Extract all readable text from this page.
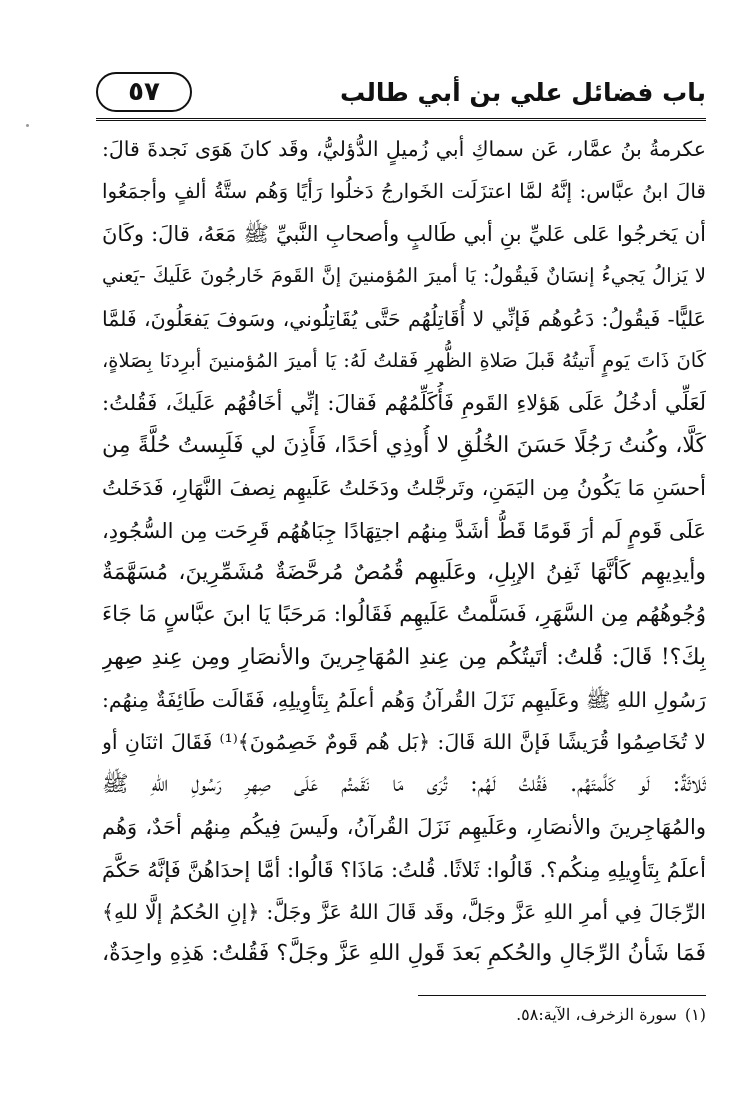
٥٧	باب فضائل علي بن أبي طالب
عكرمةُ بنُ عمَّار، عَن سماكِ أبي زُميلٍ الدُّؤليُّ، وقَد كانَ هَوَى نَجدةَ قالَ:
قالَ ابنُ عبَّاس: إنَّهُ لمَّا اعتزَلَت الخَوارجُ دَخلُوا رَأيًا وَهُم ستَّةُ ألفٍ وأجمَعُوا
أن يَخرجُوا عَلى عَليِّ بنِ أبي طَالبٍ وأصحابِ النَّبيِّ ﷺ مَعَهُ، قالَ: وكَانَ
لا يَزالُ يَجيءُ إنسَانٌ فَيقُولُ: يَا أميرَ المُؤمنينَ إنَّ القَومَ خَارجُونَ عَلَيكَ -يَعني
عَليًّا- فَيقُولُ: دَعُوهُم فَإنِّي لا أُقَاتِلُهُم حَتَّى يُقَاتِلُوني، وسَوفَ يَفعَلُونَ، فَلمَّا
كَانَ ذَاتَ يَومٍ أَتيتُهُ قَبلَ صَلاةِ الظُّهرِ فَقلتُ لَهُ: يَا أميرَ المُؤمنينَ أبرِدنَا بِصَلاةٍ،
لَعَلِّي أدخُلُ عَلَى هَؤلاءِ القَومِ فَأُكَلِّمُهُم فَقالَ: إنِّي أخَافُهُم عَلَيكَ، فَقُلتُ:
كَلَّا، وكُنتُ رَجُلًا حَسَنَ الخُلُقِ لا أُوذِي أحَدًا، فَأَذِنَ لي فَلَبِستُ حُلَّةً مِن
أحسَنِ مَا يَكُونُ مِن اليَمَنِ، وتَرجَّلتُ ودَخَلتُ عَلَيهِم نِصفَ النَّهَارِ، فَدَخَلتُ
عَلَى قَومٍ لَم أرَ قَومًا قَطُّ أشَدَّ مِنهُم اجتِهَادًا جِبَاهُهُم قَرِحَت مِن السُّجُودِ،
وأيدِيهِم كَأنَّهَا ثَفِنُ الإبِلِ، وعَلَيهِم قُمُصٌ مُرحَّضَةٌ مُشَمِّرِينَ، مُسَهَّمَةٌ
وُجُوهُهُم مِن السَّهَرِ، فَسَلَّمتُ عَلَيهِم فَقَالُوا: مَرحَبًا يَا ابنَ عبَّاسٍ مَا جَاءَ
بِكَ؟! قَالَ: قُلتُ: أتَيتُكُم مِن عِندِ المُهَاجِرينَ والأنصَارِ ومِن عِندِ صِهرِ
رَسُولِ اللهِ ﷺ وعَلَيهِم نَزَلَ القُرآنُ وَهُم أعلَمُ بِتَأوِيلِهِ، فَقَالَت طَائِفَةٌ مِنهُم:
لا تُخَاصِمُوا قُرَيشًا فَإنَّ اللهَ قَالَ: ﴿بَل هُم قَومٌ خَصِمُونَ﴾⁽¹⁾ فَقَالَ اثنَانِ أو
ثَلاثَةٌ: لَو كَلَّمتَهُم. فَقُلتُ لَهُم: تُرَى مَا نَقَمتُم عَلَى صِهرِ رَسُولِ اللهِ ﷺ
والمُهَاجِرينَ والأنصَارِ، وعَلَيهِم نَزَلَ القُرآنُ، ولَيسَ فِيكُم مِنهُم أحَدٌ، وَهُم
أعلَمُ بِتَأوِيلِهِ مِنكُم؟. قَالُوا: ثَلاثًا. قُلتُ: مَاذَا؟ قَالُوا: أمَّا إحدَاهُنَّ فَإنَّهُ حَكَّمَ
الرِّجَالَ فِي أمرِ اللهِ عَزَّ وجَلَّ، وقَد قَالَ اللهُ عَزَّ وجَلَّ: ﴿إنِ الحُكمُ إلَّا للهِ﴾
فَمَا شَأنُ الرِّجَالِ والحُكمِ بَعدَ قَولِ اللهِ عَزَّ وجَلَّ؟ فَقُلتُ: هَذِهِ واحِدَةٌ،
(١)سورة الزخرف، الآية:٥٨.
